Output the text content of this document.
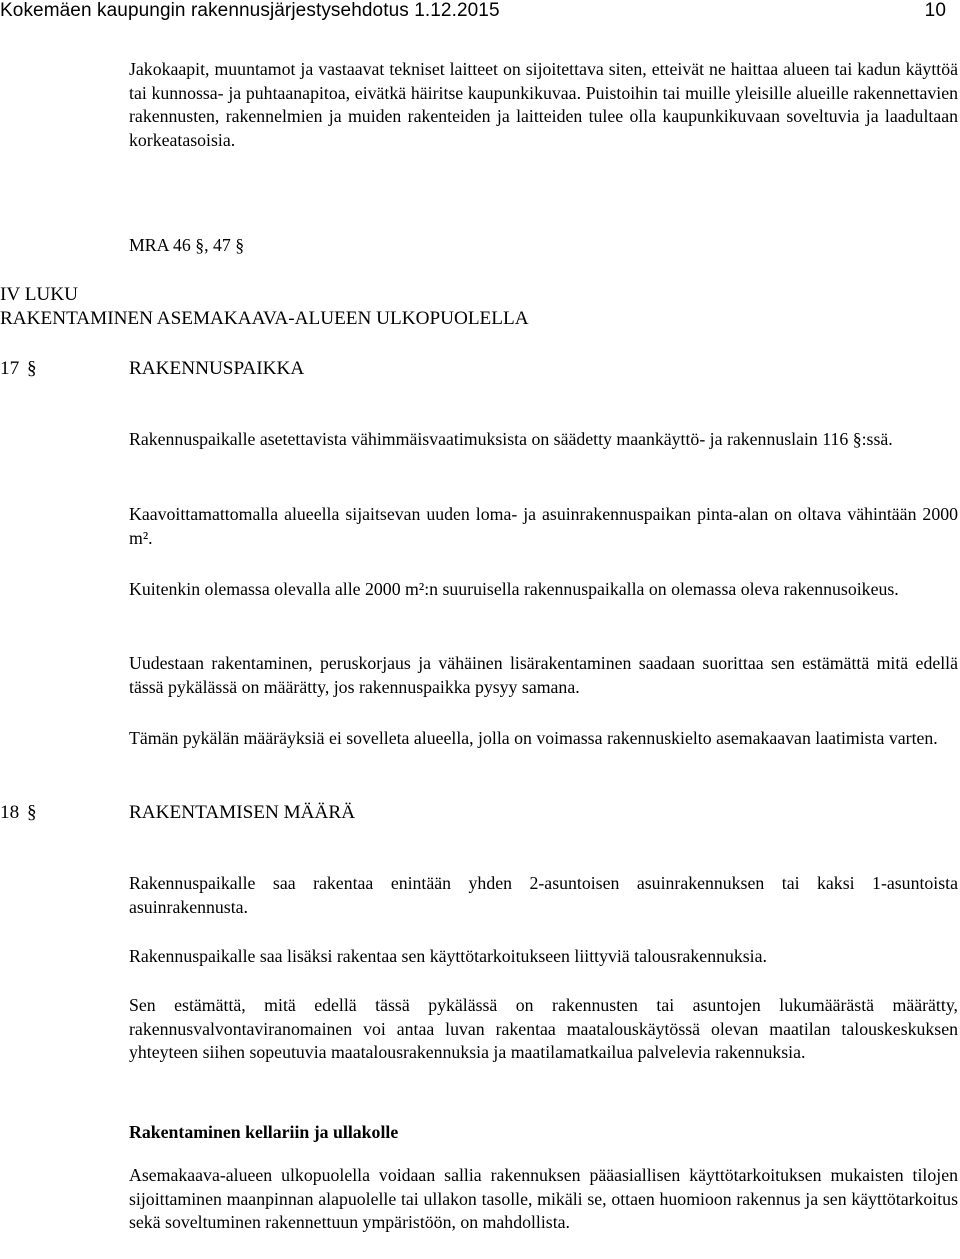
Kokemäen kaupungin rakennusjärjestysehdotus 1.12.2015	10

Jakokaapit, muuntamot ja vastaavat tekniset laitteet on sijoitettava siten, etteivät ne haittaa alueen tai kadun käyttöä tai kunnossa- ja puhtaanapitoa, eivätkä häiritse kaupunkikuvaa. Puistoihin tai muille yleisille alueille rakennettavien rakennusten, rakennelmien ja muiden rakenteiden ja laitteiden tulee olla kaupunkikuvaan soveltuvia ja laadultaan korkeatasoisia.

MRA 46 §, 47 §
IV LUKU
RAKENTAMINEN ASEMAKAAVA-ALUEEN ULKOPUOLELLA
17 §	RAKENNUSPAIKKA

Rakennuspaikalle asetettavista vähimmäisvaatimuksista on säädetty maankäyttö- ja rakennuslain 116 §:ssä.

Kaavoittamattomalla alueella sijaitsevan uuden loma- ja asuinrakennuspaikan pinta-alan on oltava vähintään 2000 m².

Kuitenkin olemassa olevalla alle 2000 m²:n suuruisella rakennuspaikalla on olemassa oleva rakennusoikeus.

Uudestaan rakentaminen, peruskorjaus ja vähäinen lisärakentaminen saadaan suorittaa sen estämättä mitä edellä tässä pykälässä on määrätty, jos rakennuspaikka pysyy samana.

Tämän pykälän määräyksiä ei sovelleta alueella, jolla on voimassa rakennuskielto asemakaavan laatimista varten.

18 §	RAKENTAMISEN MÄÄRÄ

Rakennuspaikalle saa rakentaa enintään yhden 2-asuntoisen asuinrakennuksen tai kaksi 1-asuntoista asuinrakennusta.

Rakennuspaikalle saa lisäksi rakentaa sen käyttötarkoitukseen liittyviä talousrakennuksia.

Sen estämättä, mitä edellä tässä pykälässä on rakennusten tai asuntojen lukumäärästä määrätty, rakennusvalvontaviranomainen voi antaa luvan rakentaa maatalouskäytössä olevan maatilan talouskeskuksen yhteyteen siihen sopeutuvia maatalousrakennuksia ja maatilamatkailua palvelevia rakennuksia.

Rakentaminen kellariin ja ullakolle

Asemakaava-alueen ulkopuolella voidaan sallia rakennuksen pääasiallisen käyttötarkoituksen mukaisten tilojen sijoittaminen maanpinnan alapuolelle tai ullakon tasolle, mikäli se, ottaen huomioon rakennus ja sen käyttötarkoitus sekä soveltuminen rakennettuun ympäristöön, on mahdollista.
